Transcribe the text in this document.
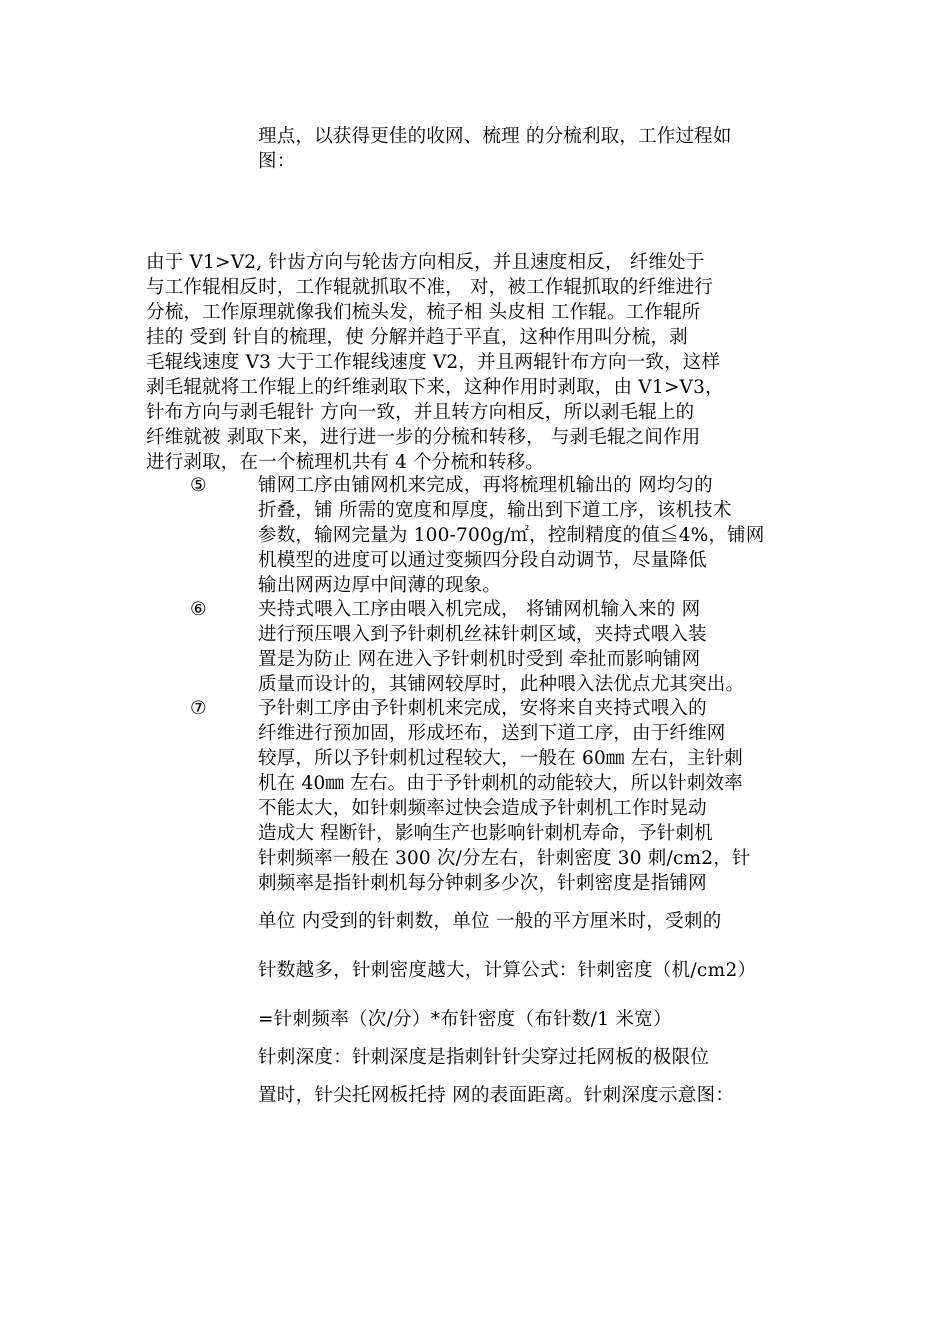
理点，以获得更佳的收网、梳理 的分梳利取，工作过程如
图：
由于 V1>V2, 针齿方向与轮齿方向相反，并且速度相反， 纤维处于
与工作辊相反时，工作辊就抓取不准， 对，被工作辊抓取的纤维进行
分梳，工作原理就像我们梳头发，梳子相 头皮相 工作辊。工作辊所
挂的 受到 针自的梳理，使 分解并趋于平直，这种作用叫分梳，剥
毛辊线速度 V3 大于工作辊线速度 V2，并且两辊针布方向一致，这样
剥毛辊就将工作辊上的纤维剥取下来，这种作用时剥取，由 V1>V3，
针布方向与剥毛辊针 方向一致，并且转方向相反，所以剥毛辊上的
纤维就被 剥取下来，进行进一步的分梳和转移， 与剥毛辊之间作用
进行剥取，在一个梳理机共有 4 个分梳和转移。
⑤	铺网工序由铺网机来完成，再将梳理机输出的 网均匀的
折叠，铺 所需的宽度和厚度，输出到下道工序，该机技术
参数，输网完量为 100-700g/㎡，控制精度的值≦4%，铺网
机模型的进度可以通过变频四分段自动调节，尽量降低
输出网两边厚中间薄的现象。
⑥	夹持式喂入工序由喂入机完成， 将铺网机输入来的 网
进行预压喂入到予针刺机丝袜针刺区域，夹持式喂入装
置是为防止 网在进入予针刺机时受到 牵扯而影响铺网
质量而设计的，其铺网较厚时，此种喂入法优点尤其突出。
⑦	予针刺工序由予针刺机来完成，安将来自夹持式喂入的
纤维进行预加固，形成坯布，送到下道工序，由于纤维网
较厚，所以予针刺机过程较大，一般在 60㎜ 左右，主针刺
机在 40㎜ 左右。由于予针刺机的动能较大，所以针刺效率
不能太大，如针刺频率过快会造成予针刺机工作时晃动
造成大 程断针，影响生产也影响针刺机寿命，予针刺机
针刺频率一般在 300 次/分左右，针刺密度 30 刺/cm2，针
刺频率是指针刺机每分钟刺多少次，针刺密度是指铺网
单位 内受到的针刺数，单位 一般的平方厘米时，受刺的
针数越多，针刺密度越大，计算公式：针刺密度（机/cm2）
=针刺频率（次/分）*布针密度（布针数/1 米宽）
针刺深度：针刺深度是指刺针针尖穿过托网板的极限位
置时，针尖托网板托持 网的表面距离。针刺深度示意图：
